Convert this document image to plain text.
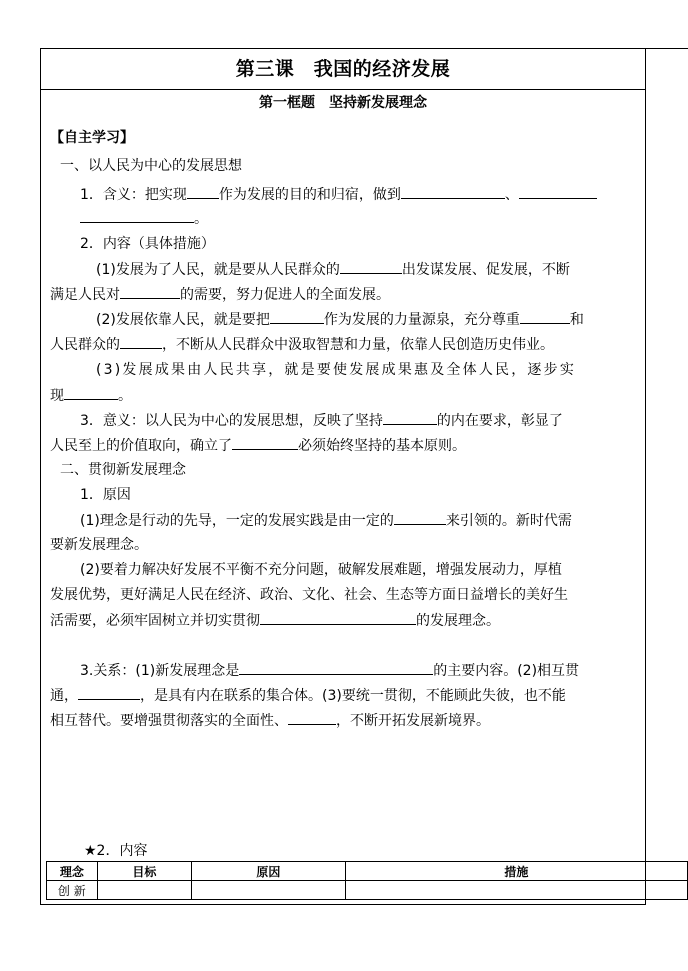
第三课　我国的经济发展
第一框题　坚持新发展理念
【自主学习】
一、以人民为中心的发展思想
1．含义：把实现 作为发展的目的和归宿，做到	、
。
2．内容（具体措施）
(1)发展为了人民，就是要从人民群众的	出发谋发展、促发展，不断
满足人民对	的需要，努力促进人的全面发展。
(2)发展依靠人民，就是要把	作为发展的力量源泉，充分尊重	和
人民群众的	，不断从人民群众中汲取智慧和力量，依靠人民创造历史伟业。
(3)发展成果由人民共享，就是要使发展成果惠及全体人民，逐步实
现	。
3．意义：以人民为中心的发展思想，反映了坚持	的内在要求，彰显了
人民至上的价值取向，确立了	必须始终坚持的基本原则。
二、贯彻新发展理念
1．原因
(1)理念是行动的先导，一定的发展实践是由一定的	来引领的。新时代需
要新发展理念。
(2)要着力解决好发展不平衡不充分问题，破解发展难题，增强发展动力，厚植
发展优势，更好满足人民在经济、政治、文化、社会、生态等方面日益增长的美好生
活需要，必须牢固树立并切实贯彻	的发展理念。
3.关系：(1)新发展理念是	的主要内容。(2)相互贯
通，	，是具有内在联系的集合体。(3)要统一贯彻，不能顾此失彼，也不能
相互替代。要增强贯彻落实的全面性、	，不断开拓发展新境界。
★2．内容
理念	目标	原因	措施
创 新			
